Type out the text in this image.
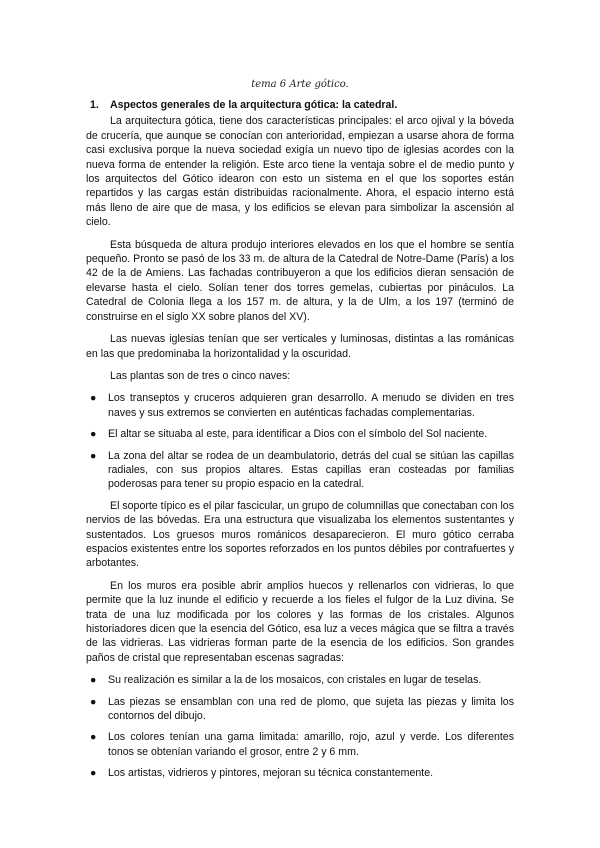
tema 6 Arte gótico.
1.	Aspectos generales de la arquitectura gótica: la catedral.

La arquitectura gótica, tiene dos características principales: el arco ojival y la bóveda de crucería, que aunque se conocían con anterioridad, empiezan a usarse ahora de forma casi exclusiva porque la nueva sociedad exigía un nuevo tipo de iglesias acordes con la nueva forma de entender la religión. Este arco tiene la ventaja sobre el de medio punto y los arquitectos del Gótico idearon con esto un sistema en el que los soportes están repartidos y las cargas están distribuidas racionalmente. Ahora, el espacio interno está más lleno de aire que de masa, y los edificios se elevan para simbolizar la ascensión al cielo.

Esta búsqueda de altura produjo interiores elevados en los que el hombre se sentía pequeño. Pronto se pasó de los 33 m. de altura de la Catedral de Notre-Dame (París) a los 42 de la de Amiens. Las fachadas contribuyeron a que los edificios dieran sensación de elevarse hasta el cielo. Solían tener dos torres gemelas, cubiertas por pináculos. La Catedral de Colonia llega a los 157 m. de altura, y la de Ulm, a los 197 (terminó de construirse en el siglo XX sobre planos del XV).

Las nuevas iglesias tenían que ser verticales y luminosas, distintas a las románicas en las que predominaba la horizontalidad y la oscuridad.

Las plantas son de tres o cinco naves:

● Los transeptos y cruceros adquieren gran desarrollo. A menudo se dividen en tres naves y sus extremos se convierten en auténticas fachadas complementarias.
● El altar se situaba al este, para identificar a Dios con el símbolo del Sol naciente.
● La zona del altar se rodea de un deambulatorio, detrás del cual se sitúan las capillas radiales, con sus propios altares. Estas capillas eran costeadas por familias poderosas para tener su propio espacio en la catedral.

El soporte típico es el pilar fascicular, un grupo de columnillas que conectaban con los nervios de las bóvedas. Era una estructura que visualizaba los elementos sustentantes y sustentados. Los gruesos muros románicos desaparecieron. El muro gótico cerraba espacios existentes entre los soportes reforzados en los puntos débiles por contrafuertes y arbotantes.

En los muros era posible abrir amplios huecos y rellenarlos con vidrieras, lo que permite que la luz inunde el edificio y recuerde a los fieles el fulgor de la Luz divina. Se trata de una luz modificada por los colores y las formas de los cristales. Algunos historiadores dicen que la esencia del Gótico, esa luz a veces mágica que se filtra a través de las vidrieras. Las vidrieras forman parte de la esencia de los edificios. Son grandes paños de cristal que representaban escenas sagradas:

● Su realización es similar a la de los mosaicos, con cristales en lugar de teselas.
● Las piezas se ensamblan con una red de plomo, que sujeta las piezas y limita los contornos del dibujo.
● Los colores tenían una gama limitada: amarillo, rojo, azul y verde. Los diferentes tonos se obtenían variando el grosor, entre 2 y 6 mm.
● Los artistas, vidrieros y pintores, mejoran su técnica constantemente.
